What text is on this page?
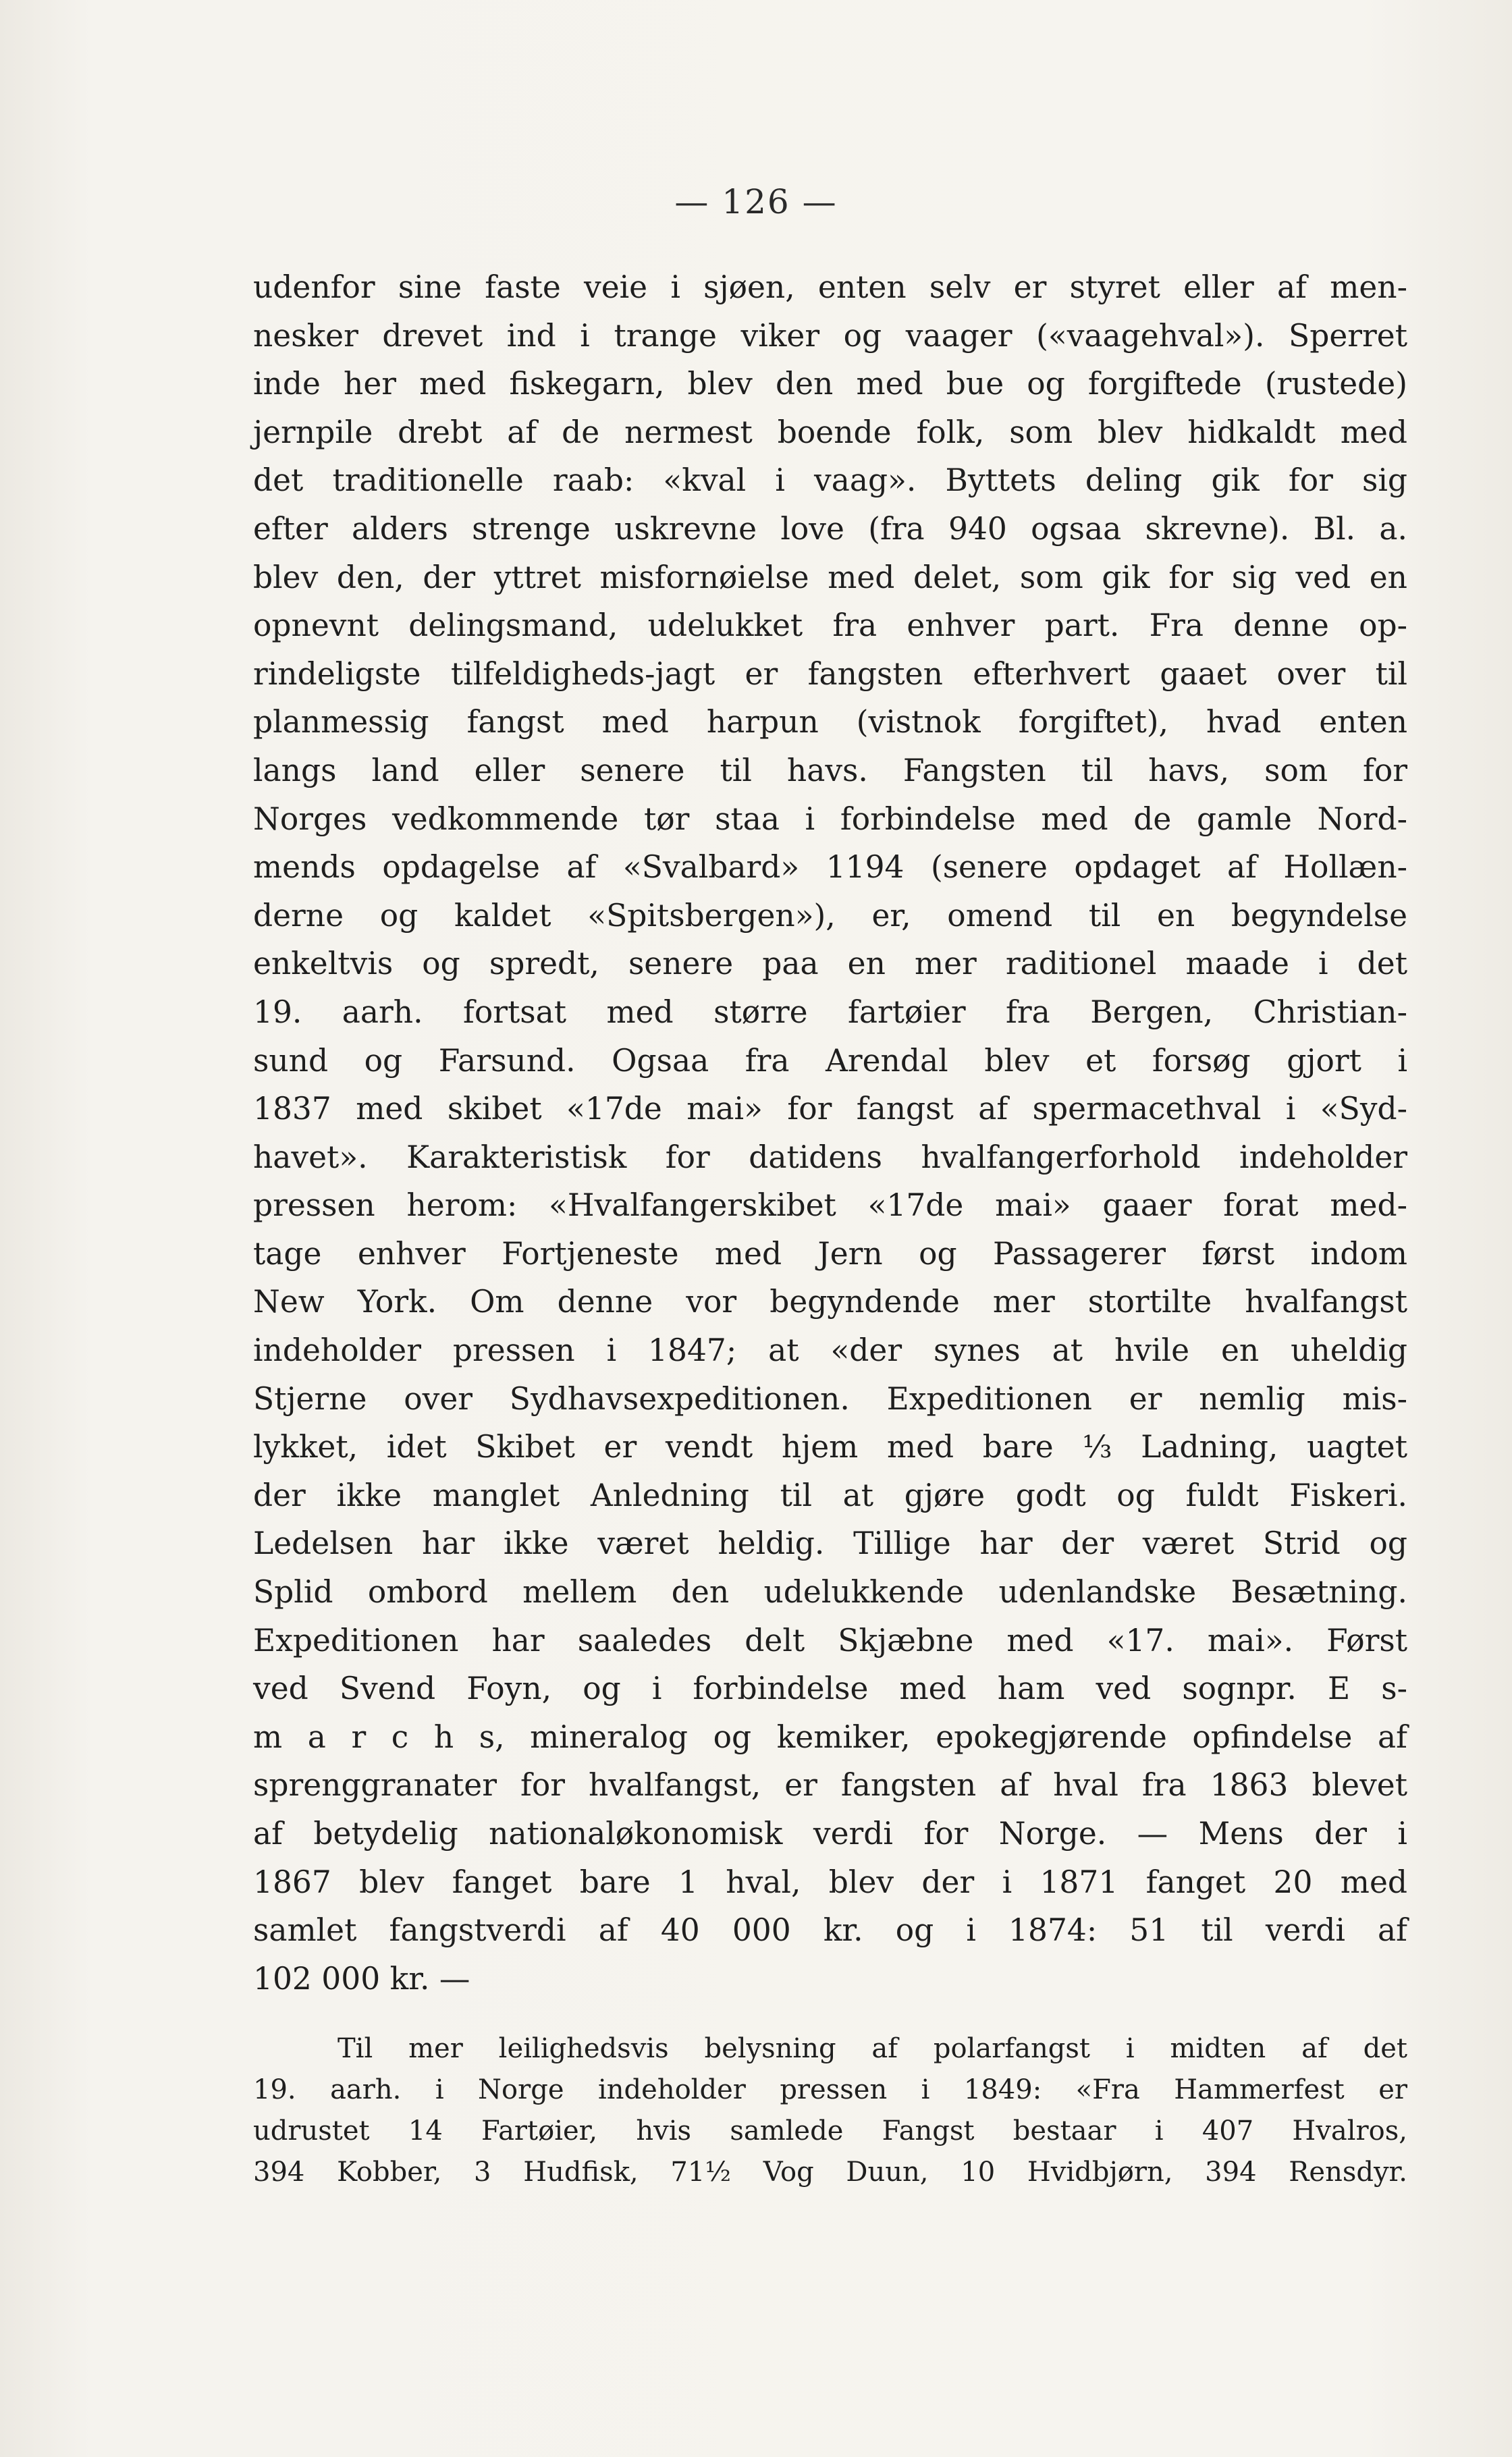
— 126 —
udenfor sine faste veie i sjøen, enten selv er styret eller af men-
nesker drevet ind i trange viker og vaager («vaagehval»). Sperret
inde her med fiskegarn, blev den med bue og forgiftede (rustede)
jernpile drebt af de nermest boende folk, som blev hidkaldt med
det traditionelle raab: «kval i vaag». Byttets deling gik for sig
efter alders strenge uskrevne love (fra 940 ogsaa skrevne). Bl. a.
blev den, der yttret misfornøielse med delet, som gik for sig ved en
opnevnt delingsmand, udelukket fra enhver part. Fra denne op-
rindeligste tilfeldigheds-jagt er fangsten efterhvert gaaet over til
planmessig fangst med harpun (vistnok forgiftet), hvad enten
langs land eller senere til havs. Fangsten til havs, som for
Norges vedkommende tør staa i forbindelse med de gamle Nord-
mends opdagelse af «Svalbard» 1194 (senere opdaget af Hollæn-
derne og kaldet «Spitsbergen»), er, omend til en begyndelse
enkeltvis og spredt, senere paa en mer raditionel maade i det
19. aarh. fortsat med større fartøier fra Bergen, Christian-
sund og Farsund. Ogsaa fra Arendal blev et forsøg gjort i
1837 med skibet «17de mai» for fangst af spermacethval i «Syd-
havet». Karakteristisk for datidens hvalfangerforhold indeholder
pressen herom: «Hvalfangerskibet «17de mai» gaaer forat med-
tage enhver Fortjeneste med Jern og Passagerer først indom
New York. Om denne vor begyndende mer stortilte hvalfangst
indeholder pressen i 1847; at «der synes at hvile en uheldig
Stjerne over Sydhavsexpeditionen. Expeditionen er nemlig mis-
lykket, idet Skibet er vendt hjem med bare ⅓ Ladning, uagtet
der ikke manglet Anledning til at gjøre godt og fuldt Fiskeri.
Ledelsen har ikke været heldig. Tillige har der været Strid og
Splid ombord mellem den udelukkende udenlandske Besætning.
Expeditionen har saaledes delt Skjæbne med «17. mai». Først
ved Svend Foyn, og i forbindelse med ham ved sognpr. E s-
m a r c h s, mineralog og kemiker, epokegjørende opfindelse af
sprenggranater for hvalfangst, er fangsten af hval fra 1863 blevet
af betydelig nationaløkonomisk verdi for Norge. — Mens der i
1867 blev fanget bare 1 hval, blev der i 1871 fanget 20 med
samlet fangstverdi af 40 000 kr. og i 1874: 51 til verdi af
102 000 kr. —
Til mer leilighedsvis belysning af polarfangst i midten af det
19. aarh. i Norge indeholder pressen i 1849: «Fra Hammerfest er
udrustet 14 Fartøier, hvis samlede Fangst bestaar i 407 Hvalros,
394 Kobber, 3 Hudfisk, 71½ Vog Duun, 10 Hvidbjørn, 394 Rensdyr.
